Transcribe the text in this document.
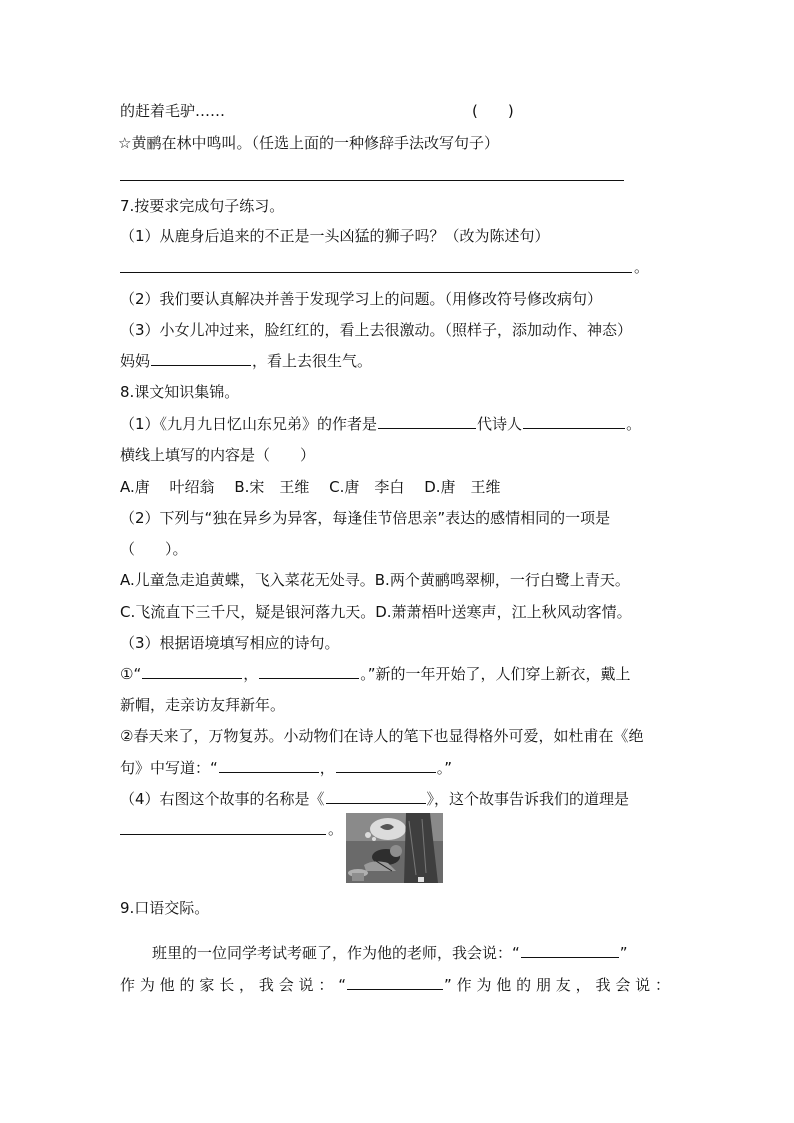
的赶着毛驴……	(　　)
☆黄鹂在林中鸣叫。（任选上面的一种修辞手法改写句子）
7.按要求完成句子练习。
（1）从鹿身后追来的不正是一头凶猛的狮子吗？（改为陈述句）
。
（2）我们要认真解决并善于发现学习上的问题。（用修改符号修改病句）
（3）小女儿冲过来，脸红红的，看上去很激动。（照样子，添加动作、神态）
妈妈	，看上去很生气。
8.课文知识集锦。
（1）《九月九日忆山东兄弟》的作者是	代诗人	。
横线上填写的内容是（　　）
A.唐　 叶绍翁  B.宋　王维  C.唐　李白  D.唐　王维
（2）下列与“独在异乡为异客，每逢佳节倍思亲”表达的感情相同的一项是
（　　）。
A.儿童急走追黄蝶，飞入菜花无处寻。B.两个黄鹂鸣翠柳，一行白鹭上青天。
C.飞流直下三千尺，疑是银河落九天。D.萧萧梧叶送寒声，江上秋风动客情。
（3）根据语境填写相应的诗句。
①“	，	。”新的一年开始了，人们穿上新衣，戴上
新帽，走亲访友拜新年。
②春天来了，万物复苏。小动物们在诗人的笔下也显得格外可爱，如杜甫在《绝
句》中写道：“	，	。”
（4）右图这个故事的名称是《	》，这个故事告诉我们的道理是
。
9.口语交际。
班里的一位同学考试考砸了，作为他的老师，我会说：“	”
作为他的家长，我会说：“	”作为他的朋友，我会说：
